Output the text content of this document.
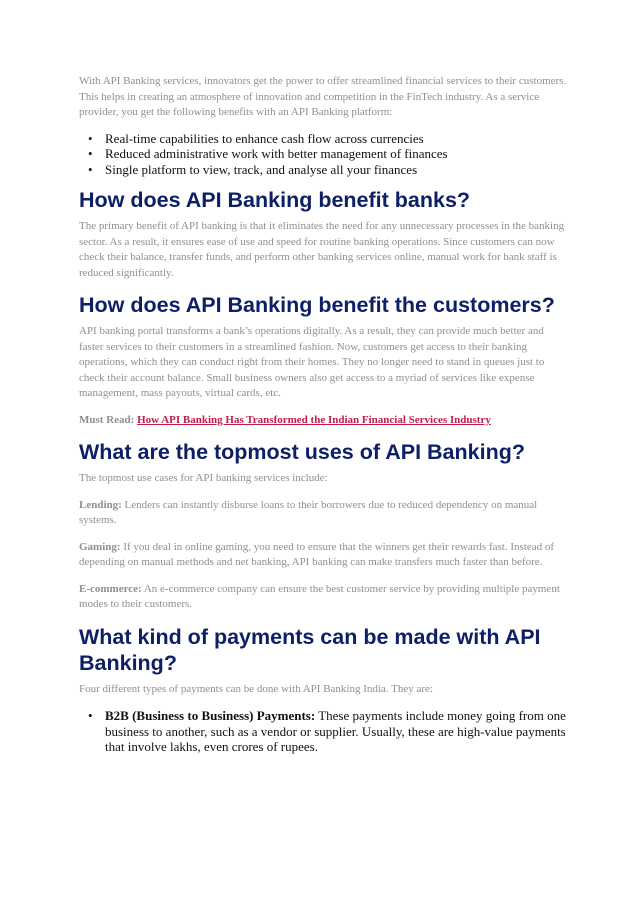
With API Banking services, innovators get the power to offer streamlined financial services to their customers. This helps in creating an atmosphere of innovation and competition in the FinTech industry. As a service provider, you get the following benefits with an API Banking platform:

• Real-time capabilities to enhance cash flow across currencies
• Reduced administrative work with better management of finances
• Single platform to view, track, and analyse all your finances
How does API Banking benefit banks?

The primary benefit of API banking is that it eliminates the need for any unnecessary processes in the banking sector. As a result, it ensures ease of use and speed for routine banking operations. Since customers can now check their balance, transfer funds, and perform other banking services online, manual work for bank staff is reduced significantly.

How does API Banking benefit the customers?

API banking portal transforms a bank’s operations digitally. As a result, they can provide much better and faster services to their customers in a streamlined fashion. Now, customers get access to their banking operations, which they can conduct right from their homes. They no longer need to stand in queues just to check their account balance. Small business owners also get access to a myriad of services like expense management, mass payouts, virtual cards, etc.

Must Read: How API Banking Has Transformed the Indian Financial Services Industry

What are the topmost uses of API Banking?

The topmost use cases for API banking services include:

Lending: Lenders can instantly disburse loans to their borrowers due to reduced dependency on manual systems.

Gaming: If you deal in online gaming, you need to ensure that the winners get their rewards fast. Instead of depending on manual methods and net banking, API banking can make transfers much faster than before.

E-commerce: An e-commerce company can ensure the best customer service by providing multiple payment modes to their customers.

What kind of payments can be made with API Banking?

Four different types of payments can be done with API Banking India. They are:

• B2B (Business to Business) Payments: These payments include money going from one business to another, such as a vendor or supplier. Usually, these are high-value payments that involve lakhs, even crores of rupees.
